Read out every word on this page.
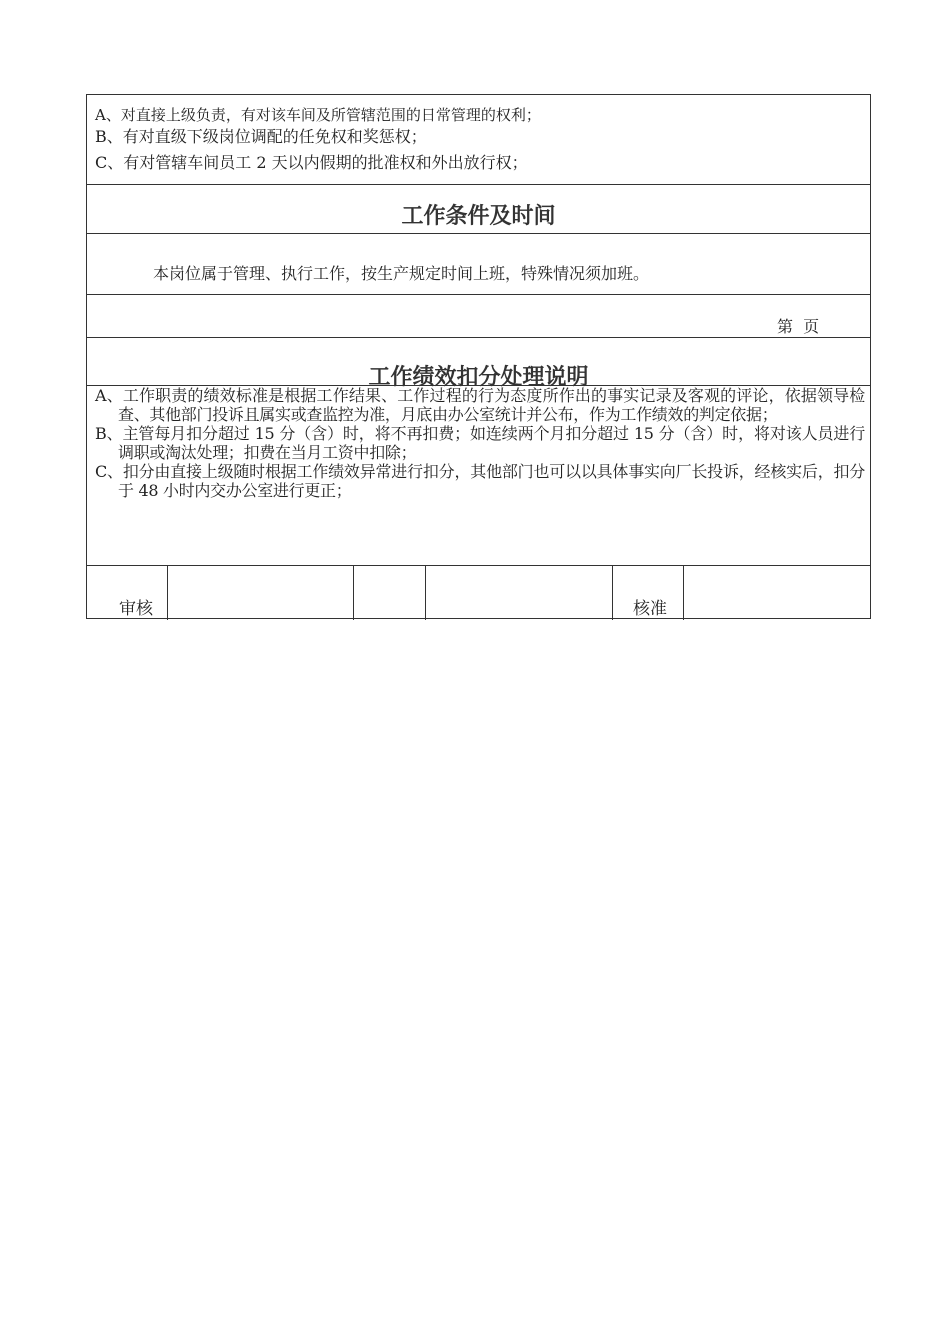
A、对直接上级负责，有对该车间及所管辖范围的日常管理的权利；
B、有对直级下级岗位调配的任免权和奖惩权；
C、有对管辖车间员工 2 天以内假期的批准权和外出放行权；
工作条件及时间
本岗位属于管理、执行工作，按生产规定时间上班，特殊情况须加班。
第  页
工作绩效扣分处理说明
A、工作职责的绩效标准是根据工作结果、工作过程的行为态度所作出的事实记录及客观的评论，依据领导检查、其他部门投诉且属实或查监控为准，月底由办公室统计并公布，作为工作绩效的判定依据；
B、主管每月扣分超过 15 分（含）时，将不再扣费；如连续两个月扣分超过 15 分（含）时，将对该人员进行调职或淘汰处理；扣费在当月工资中扣除；
C、扣分由直接上级随时根据工作绩效异常进行扣分，其他部门也可以以具体事实向厂长投诉，经核实后，扣分于 48 小时内交办公室进行更正；
审核	核准
